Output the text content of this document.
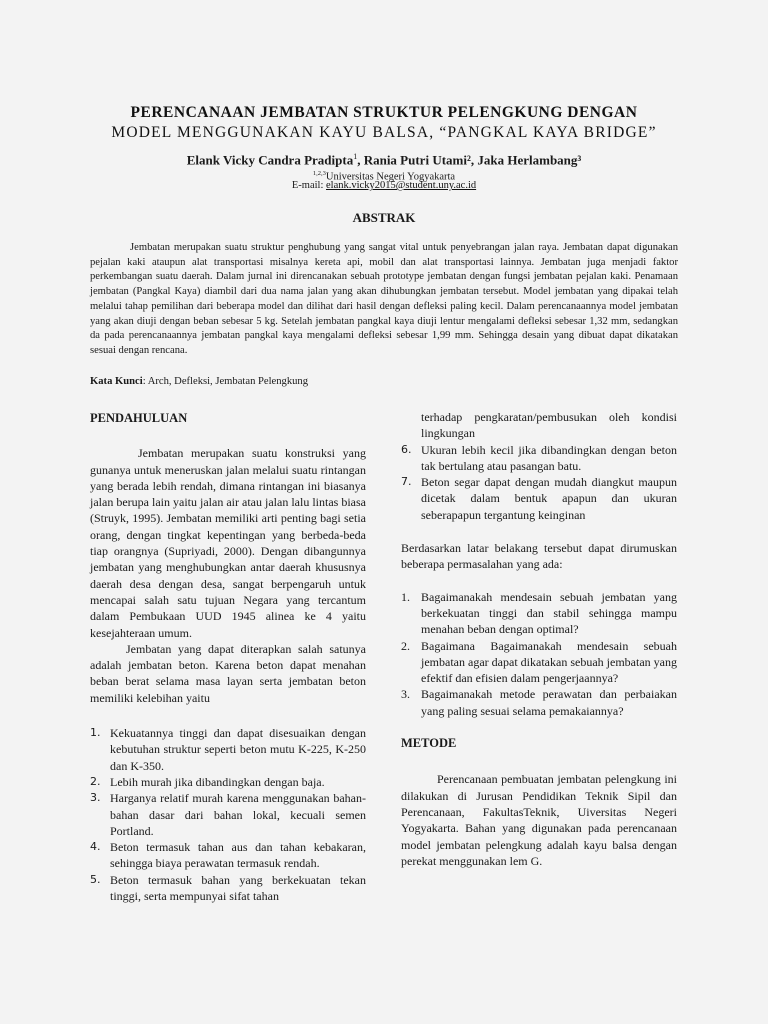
PERENCANAAN JEMBATAN STRUKTUR PELENGKUNG DENGAN
MODEL MENGGUNAKAN KAYU BALSA, “PANGKAL KAYA BRIDGE”
Elank Vicky Candra Pradipta$^1$, Rania Putri Utami², Jaka Herlambang³
$^{1,2,3}$Universitas Negeri Yogyakarta
E-mail: elank.vicky2015@student.uny.ac.id
ABSTRAK

Jembatan merupakan suatu struktur penghubung yang sangat vital untuk penyebrangan jalan raya. Jembatan dapat digunakan pejalan kaki ataupun alat transportasi misalnya kereta api, mobil dan alat transportasi lainnya. Jembatan juga menjadi faktor perkembangan suatu daerah. Dalam jurnal ini direncanakan sebuah prototype jembatan dengan fungsi jembatan pejalan kaki. Penamaan jembatan (Pangkal Kaya) diambil dari dua nama jalan yang akan dihubungkan jembatan tersebut. Model jembatan yang dipakai telah melalui tahap pemilihan dari beberapa model dan dilihat dari hasil dengan defleksi paling kecil. Dalam perencanaannya model jembatan yang akan diuji dengan beban sebesar 5 kg. Setelah jembatan pangkal kaya diuji lentur mengalami defleksi sebesar 1,32 mm, sedangkan da pada perencanaannya jembatan pangkal kaya mengalami defleksi sebesar 1,99 mm. Sehingga desain yang dibuat dapat dikatakan sesuai dengan rencana.

Kata Kunci: Arch, Defleksi, Jembatan Pelengkung

PENDAHULUAN

Jembatan merupakan suatu konstruksi yang gunanya untuk meneruskan jalan melalui suatu rintangan yang berada lebih rendah, dimana rintangan ini biasanya jalan berupa lain yaitu jalan air atau jalan lalu lintas biasa (Struyk, 1995). Jembatan memiliki arti penting bagi setia orang, dengan tingkat kepentingan yang berbeda-beda tiap orangnya (Supriyadi, 2000). Dengan dibangunnya jembatan yang menghubungkan antar daerah khususnya daerah desa dengan desa, sangat berpengaruh untuk mencapai salah satu tujuan Negara yang tercantum dalam Pembukaan UUD 1945 alinea ke 4 yaitu kesejahteraan umum.

Jembatan yang dapat diterapkan salah satunya adalah jembatan beton. Karena beton dapat menahan beban berat selama masa layan serta jembatan beton memiliki kelebihan yaitu

1. Kekuatannya tinggi dan dapat disesuaikan dengan kebutuhan struktur seperti beton mutu K-225, K-250 dan K-350.
2. Lebih murah jika dibandingkan dengan baja.
3. Harganya relatif murah karena menggunakan bahan-bahan dasar dari bahan lokal, kecuali semen Portland.
4. Beton termasuk tahan aus dan tahan kebakaran, sehingga biaya perawatan termasuk rendah.
5. Beton termasuk bahan yang berkekuatan tekan tinggi, serta mempunyai sifat tahan

terhadap pengkaratan/pembusukan oleh kondisi lingkungan

6. Ukuran lebih kecil jika dibandingkan dengan beton tak bertulang atau pasangan batu.
7. Beton segar dapat dengan mudah diangkut maupun dicetak dalam bentuk apapun dan ukuran seberapapun tergantung keinginan

Berdasarkan latar belakang tersebut dapat dirumuskan beberapa permasalahan yang ada:

1. Bagaimanakah mendesain sebuah jembatan yang berkekuatan tinggi dan stabil sehingga mampu menahan beban dengan optimal?
2. Bagaimana Bagaimanakah mendesain sebuah jembatan agar dapat dikatakan sebuah jembatan yang efektif dan efisien dalam pengerjaannya?
3. Bagaimanakah metode perawatan dan perbaiakan yang paling sesuai selama pemakaiannya?

METODE

Perencanaan pembuatan jembatan pelengkung ini dilakukan di Jurusan Pendidikan Teknik Sipil dan Perencanaan, FakultasTeknik, Uiversitas Negeri Yogyakarta. Bahan yang digunakan pada perencanaan model jembatan pelengkung adalah kayu balsa dengan perekat menggunakan lem G.
